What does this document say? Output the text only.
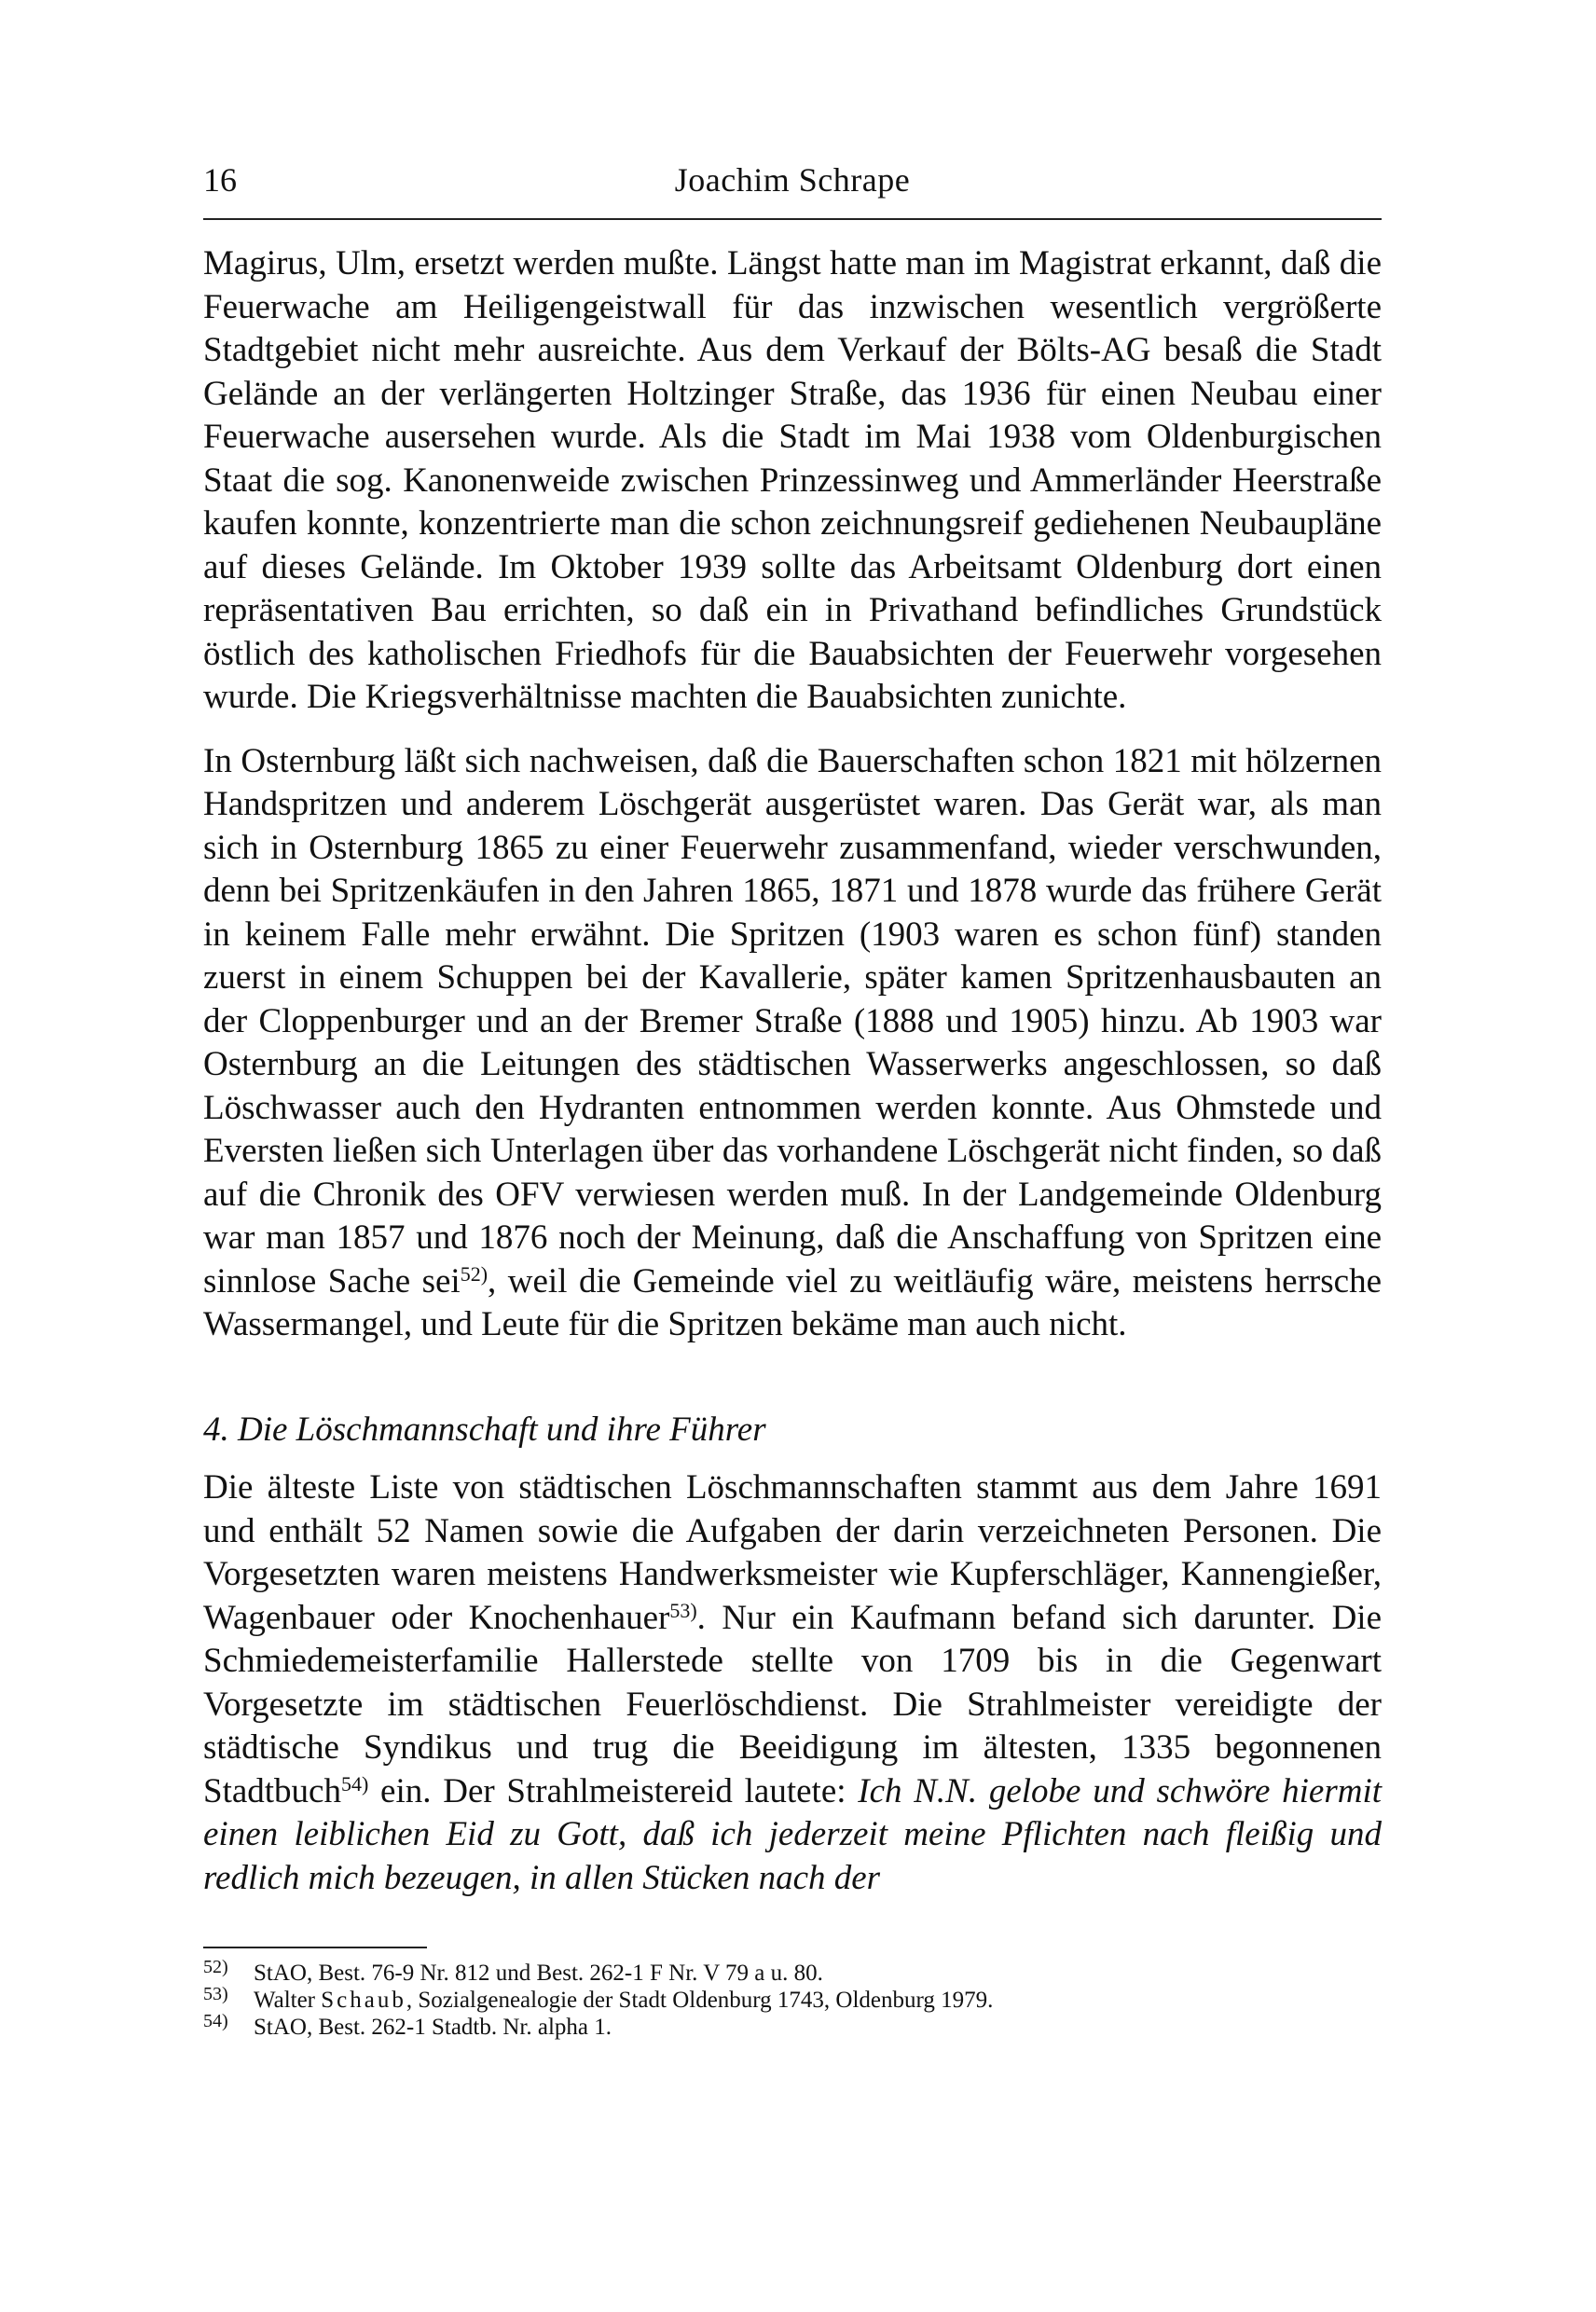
16	Joachim Schrape

Magirus, Ulm, ersetzt werden mußte. Längst hatte man im Magistrat erkannt, daß die Feuerwache am Heiligengeistwall für das inzwischen wesentlich vergrößerte Stadtgebiet nicht mehr ausreichte. Aus dem Verkauf der Bölts-AG besaß die Stadt Gelände an der verlängerten Holtzinger Straße, das 1936 für einen Neubau einer Feuerwache ausersehen wurde. Als die Stadt im Mai 1938 vom Oldenburgischen Staat die sog. Kanonenweide zwischen Prinzessinweg und Ammerländer Heerstraße kaufen konnte, konzentrierte man die schon zeichnungsreif gediehenen Neubaupläne auf dieses Gelände. Im Oktober 1939 sollte das Arbeitsamt Oldenburg dort einen repräsentativen Bau errichten, so daß ein in Privathand befindliches Grundstück östlich des katholischen Friedhofs für die Bauabsichten der Feuerwehr vorgesehen wurde. Die Kriegsverhältnisse machten die Bauabsichten zunichte.

In Osternburg läßt sich nachweisen, daß die Bauerschaften schon 1821 mit hölzernen Handspritzen und anderem Löschgerät ausgerüstet waren. Das Gerät war, als man sich in Osternburg 1865 zu einer Feuerwehr zusammenfand, wieder verschwunden, denn bei Spritzenkäufen in den Jahren 1865, 1871 und 1878 wurde das frühere Gerät in keinem Falle mehr erwähnt. Die Spritzen (1903 waren es schon fünf) standen zuerst in einem Schuppen bei der Kavallerie, später kamen Spritzenhausbauten an der Cloppenburger und an der Bremer Straße (1888 und 1905) hinzu. Ab 1903 war Osternburg an die Leitungen des städtischen Wasserwerks angeschlossen, so daß Löschwasser auch den Hydranten entnommen werden konnte. Aus Ohmstede und Eversten ließen sich Unterlagen über das vorhandene Löschgerät nicht finden, so daß auf die Chronik des OFV verwiesen werden muß. In der Landgemeinde Oldenburg war man 1857 und 1876 noch der Meinung, daß die Anschaffung von Spritzen eine sinnlose Sache sei$^{52)}$, weil die Gemeinde viel zu weitläufig wäre, meistens herrsche Wassermangel, und Leute für die Spritzen bekäme man auch nicht.

4. Die Löschmannschaft und ihre Führer

Die älteste Liste von städtischen Löschmannschaften stammt aus dem Jahre 1691 und enthält 52 Namen sowie die Aufgaben der darin verzeichneten Personen. Die Vorgesetzten waren meistens Handwerksmeister wie Kupferschläger, Kannengießer, Wagenbauer oder Knochenhauer$^{53)}$. Nur ein Kaufmann befand sich darunter. Die Schmiedemeisterfamilie Hallerstede stellte von 1709 bis in die Gegenwart Vorgesetzte im städtischen Feuerlöschdienst. Die Strahlmeister vereidigte der städtische Syndikus und trug die Beeidigung im ältesten, 1335 begonnenen Stadtbuch$^{54)}$ ein. Der Strahlmeistereid lautete: Ich N.N. gelobe und schwöre hiermit einen leiblichen Eid zu Gott, daß ich jederzeit meine Pflichten nach fleißig und redlich mich bezeugen, in allen Stücken nach der

52)	StAO, Best. 76-9 Nr. 812 und Best. 262-1 F Nr. V 79 a u. 80.
53)	Walter Schaub, Sozialgenealogie der Stadt Oldenburg 1743, Oldenburg 1979.
54)	StAO, Best. 262-1 Stadtb. Nr. alpha 1.
